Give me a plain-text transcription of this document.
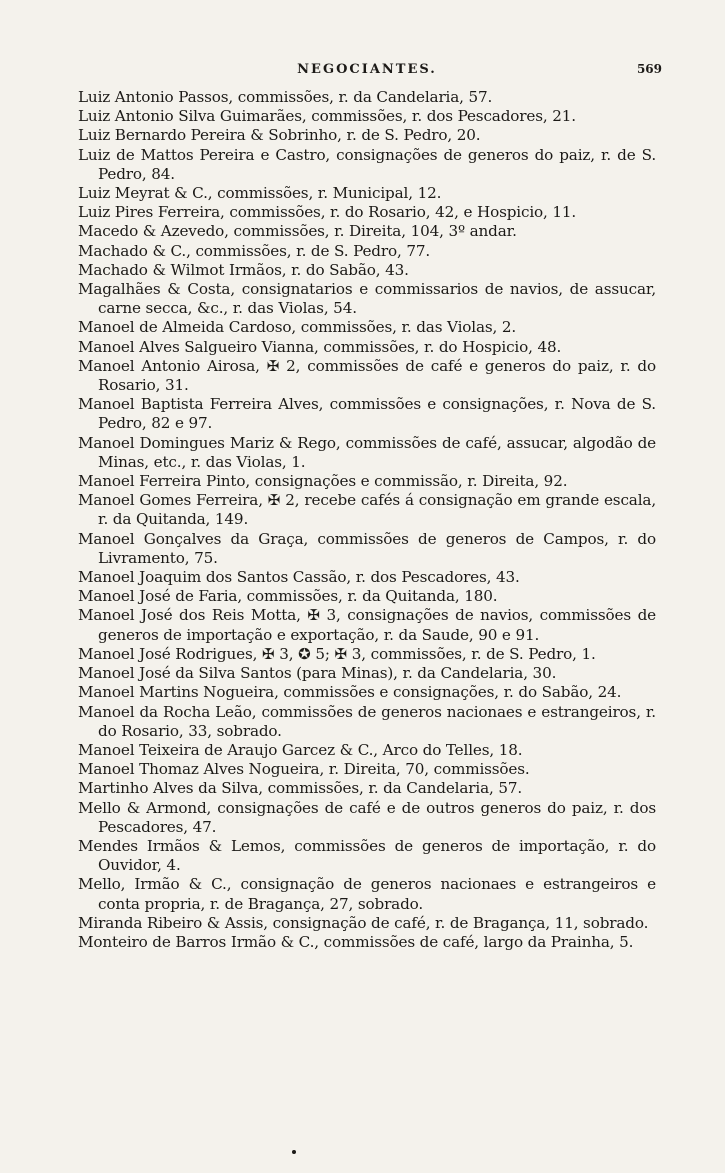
NEGOCIANTES.	569
Luiz Antonio Passos, commissões, r. da Candelaria, 57.
Luiz Antonio Silva Guimarães, commissões, r. dos Pescadores, 21.
Luiz Bernardo Pereira & Sobrinho, r. de S. Pedro, 20.
Luiz de Mattos Pereira e Castro, consignações de generos do paiz, r. de S. Pedro, 84.
Luiz Meyrat & C., commissões, r. Municipal, 12.
Luiz Pires Ferreira, commissões, r. do Rosario, 42, e Hospicio, 11.
Macedo & Azevedo, commissões, r. Direita, 104, 3º andar.
Machado & C., commissões, r. de S. Pedro, 77.
Machado & Wilmot Irmãos, r. do Sabão, 43.
Magalhães & Costa, consignatarios e commissarios de navios, de assucar, carne secca, &c., r. das Violas, 54.
Manoel de Almeida Cardoso, commissões, r. das Violas, 2.
Manoel Alves Salgueiro Vianna, commissões, r. do Hospicio, 48.
Manoel Antonio Airosa, ✠ 2, commissões de café e generos do paiz, r. do Rosario, 31.
Manoel Baptista Ferreira Alves, commissões e consignações, r. Nova de S. Pedro, 82 e 97.
Manoel Domingues Mariz & Rego, commissões de café, assucar, algodão de Minas, etc., r. das Violas, 1.
Manoel Ferreira Pinto, consignações e commissão, r. Direita, 92.
Manoel Gomes Ferreira, ✠ 2, recebe cafés á consignação em grande escala, r. da Quitanda, 149.
Manoel Gonçalves da Graça, commissões de generos de Campos, r. do Livramento, 75.
Manoel Joaquim dos Santos Cassão, r. dos Pescadores, 43.
Manoel José de Faria, commissões, r. da Quitanda, 180.
Manoel José dos Reis Motta, ✠ 3, consignações de navios, commissões de generos de importação e exportação, r. da Saude, 90 e 91.
Manoel José Rodrigues, ✠ 3, ✪ 5; ✠ 3, commissões, r. de S. Pedro, 1.
Manoel José da Silva Santos (para Minas), r. da Candelaria, 30.
Manoel Martins Nogueira, commissões e consignações, r. do Sabão, 24.
Manoel da Rocha Leão, commissões de generos nacionaes e estrangeiros, r. do Rosario, 33, sobrado.
Manoel Teixeira de Araujo Garcez & C., Arco do Telles, 18.
Manoel Thomaz Alves Nogueira, r. Direita, 70, commissões.
Martinho Alves da Silva, commissões, r. da Candelaria, 57.
Mello & Armond, consignações de café e de outros generos do paiz, r. dos Pescadores, 47.
Mendes Irmãos & Lemos, commissões de generos de importação, r. do Ouvidor, 4.
Mello, Irmão & C., consignação de generos nacionaes e estrangeiros e conta propria, r. de Bragança, 27, sobrado.
Miranda Ribeiro & Assis, consignação de café, r. de Bragança, 11, sobrado.
Monteiro de Barros Irmão & C., commissões de café, largo da Prainha, 5.
